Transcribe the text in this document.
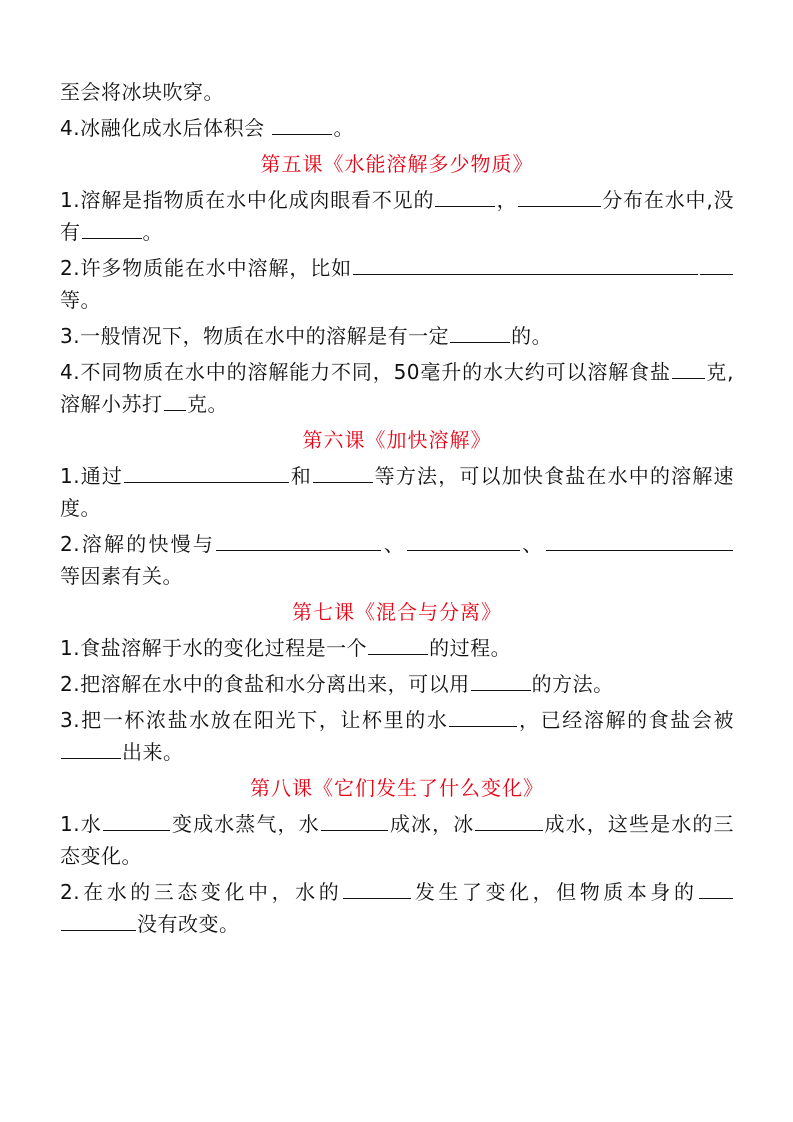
至会将冰块吹穿。
4.冰融化成水后体积会	。
第五课《水能溶解多少物质》
1.溶解是指物质在水中化成肉眼看不见的	，	分布在水中,没有	。
2.许多物质能在水中溶解，比如等。
3.一般情况下，物质在水中的溶解是有一定	的。
4.不同物质在水中的溶解能力不同，50毫升的水大约可以溶解食盐 克,溶解小苏打 克。
第六课《加快溶解》
1.通过	和	等方法，可以加快食盐在水中的溶解速度。
2.溶解的快慢与	、	、等因素有关。
第七课《混合与分离》
1.食盐溶解于水的变化过程是一个	的过程。
2.把溶解在水中的食盐和水分离出来，可以用	的方法。
3.把一杯浓盐水放在阳光下，让杯里的水	，已经溶解的食盐会被出来。
第八课《它们发生了什么变化》
1.水	变成水蒸气，水	成冰，冰	成水，这些是水的三态变化。
2.在水的三态变化中，水的	发生了变化，但物质本身的没有改变。
